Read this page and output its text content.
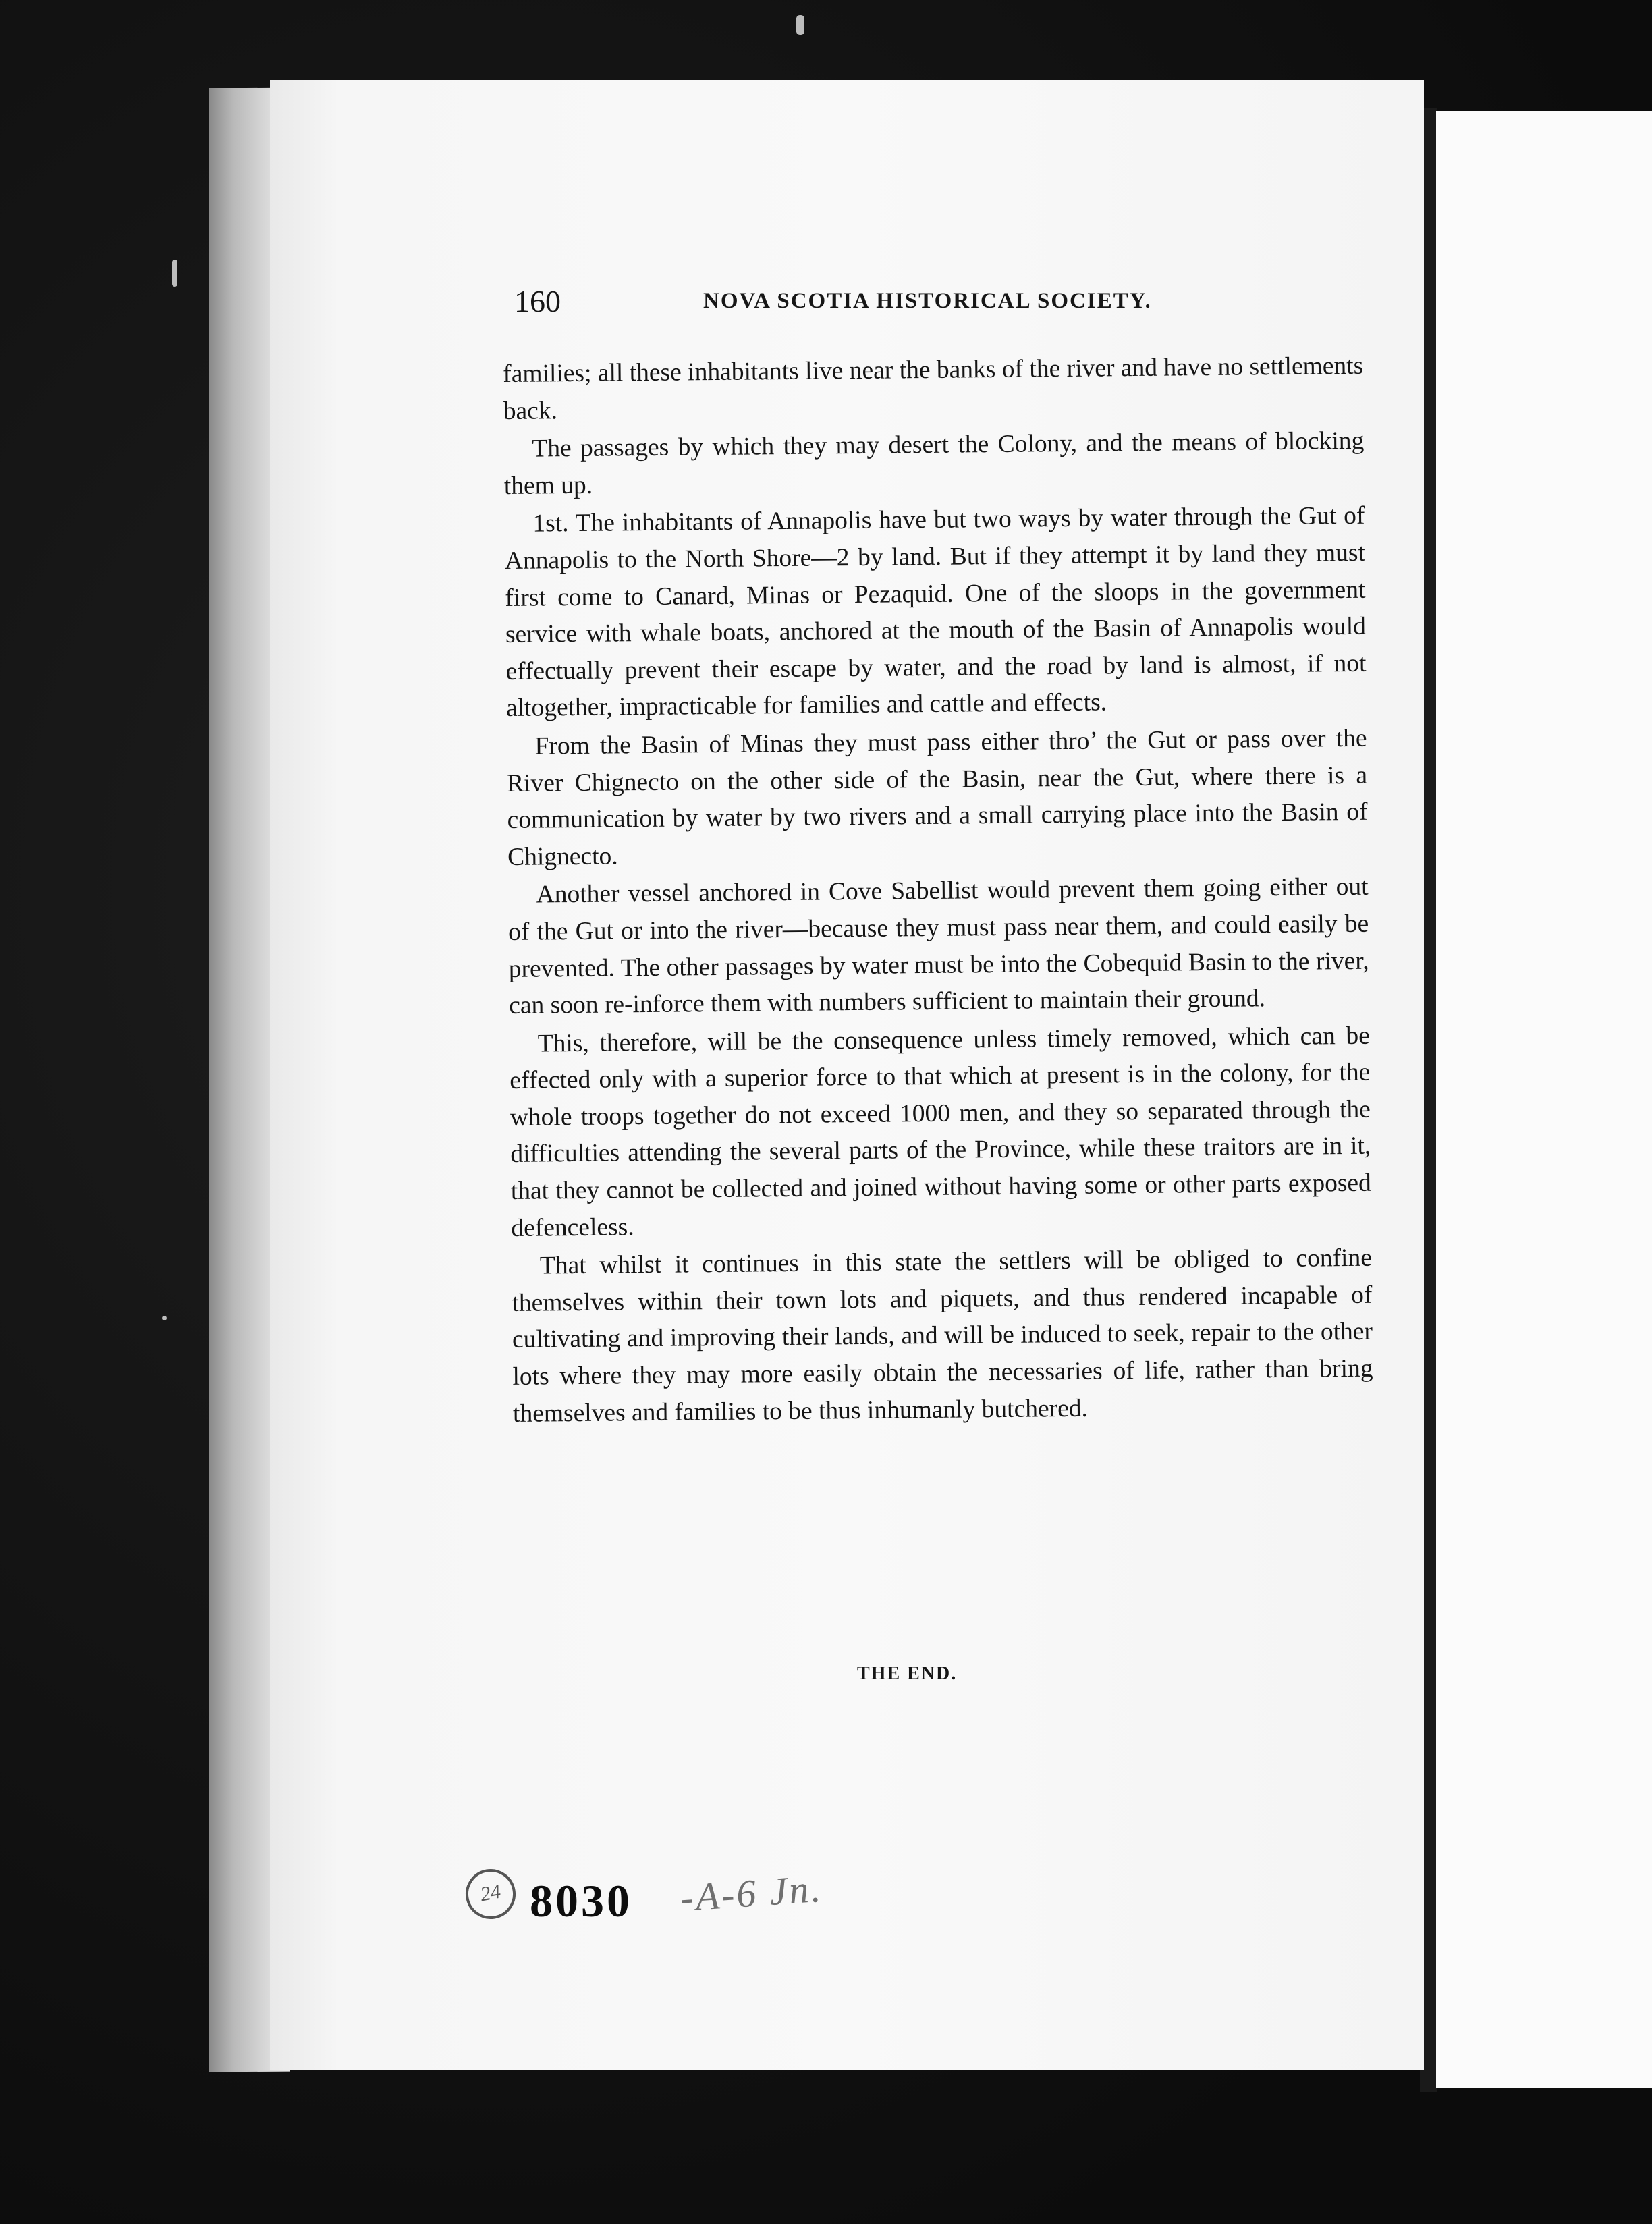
160	NOVA SCOTIA HISTORICAL SOCIETY.

families; all these inhabitants live near the banks of the river and have no settlements back.

The passages by which they may desert the Colony, and the means of blocking them up.

1st. The inhabitants of Annapolis have but two ways by water through the Gut of Annapolis to the North Shore—2 by land. But if they attempt it by land they must first come to Canard, Minas or Pezaquid. One of the sloops in the government service with whale boats, anchored at the mouth of the Basin of Annapolis would effectually prevent their escape by water, and the road by land is almost, if not altogether, impracticable for families and cattle and effects.

From the Basin of Minas they must pass either thro’ the Gut or pass over the River Chignecto on the other side of the Basin, near the Gut, where there is a communication by water by two rivers and a small carrying place into the Basin of Chignecto.

Another vessel anchored in Cove Sabellist would prevent them going either out of the Gut or into the river—because they must pass near them, and could easily be prevented. The other passages by water must be into the Cobequid Basin to the river, can soon re-inforce them with numbers sufficient to maintain their ground.

This, therefore, will be the consequence unless timely removed, which can be effected only with a superior force to that which at present is in the colony, for the whole troops together do not exceed 1000 men, and they so separated through the difficulties attending the several parts of the Province, while these traitors are in it, that they cannot be collected and joined without having some or other parts exposed defenceless.

That whilst it continues in this state the settlers will be obliged to confine themselves within their town lots and piquets, and thus rendered incapable of cultivating and improving their lands, and will be induced to seek, repair to the other lots where they may more easily obtain the necessaries of life, rather than bring themselves and families to be thus inhumanly butchered.

THE END.
24 8030 -A-6 Jn.
